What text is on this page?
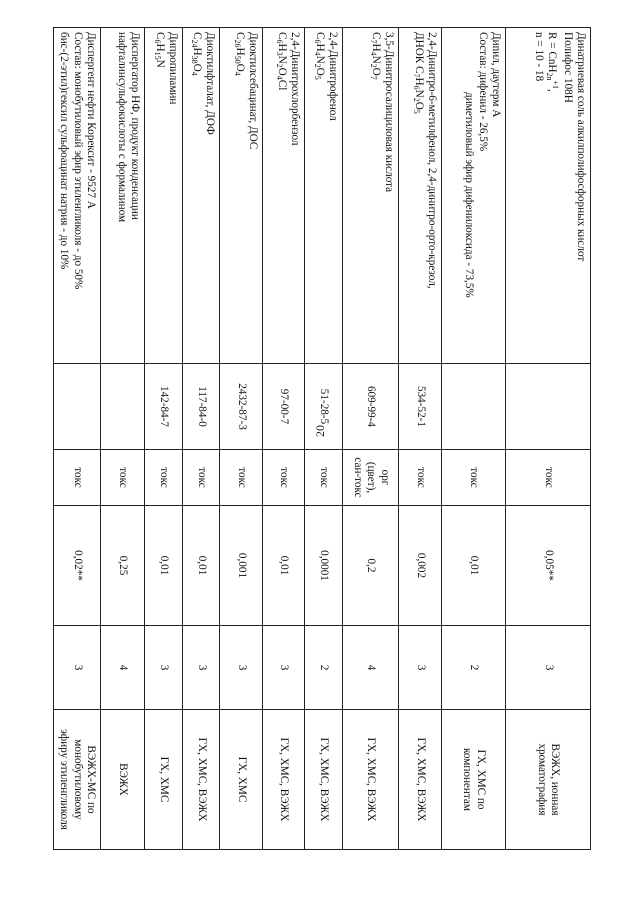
20
Динатриевая соль алкилполифосфорных кислот
Полифос 108Н
R = CnH$_{2n}^{+1}$,
n = 10 - 18		токс	0,05**	3	ВЭЖХ, ионная
хроматография

Диnил, даутерм А
Состав: дифенил - 26,5%
диметиловый эфир дифенилоксида - 73,5%		токс	0,01	2	ГХ, ХМС по
компонентам

2,4-Динитро-6-метилфенол, 2,4-динитро-орто-крезол,
ДНОК $C_7H_6N_2O_5$	534-52-1	токс	0,002	3	ГХ, ХМС, ВЭЖХ

3,5-Динитросалициловая кислота
$C_7H_4N_2O_7$	609-99-4	орг
(цвет),
сан-токс	0,2	4	ГХ, ХМС, ВЭЖХ

2,4-Динитрофенол
$C_6H_4N_2O_5$	51-28-5	токс	0,0001	2	ГХ, ХМС, ВЭЖХ

2,4-Динитрохлорбензол
$C_6H_3N_2O_4Cl$	97-00-7	токс	0,01	3	ГХ, ХМС, ВЭЖХ

Диоктилсебацинат, ДОС
$C_{26}H_{50}O_4$	2432-87-3	токс	0,001	3	ГХ, ХМС

Диоктилфталат, ДОФ
$C_{24}H_{38}O_4$	117-84-0	токс	0,01	3	ГХ, ХМС, ВЭЖХ

Дипропиламин
$C_6H_{15}N$	142-84-7	токс	0,01	3	ГХ, ХМС

Диспергатор НФ, продукт конденсации
нафталинсульфокислоты с формалином		токс	0,25	4	ВЭЖХ

Диспергент нефти Корексит - 9527 А
Состав: монобутиловый эфир этиленгликоля - до 50%
бис-(2-этил)гексил сульфоацинат натрия - до 10%		токс	0,02**	3	ВЭЖХ-МС по
монобутиловому
эфиру этиленгликоля
